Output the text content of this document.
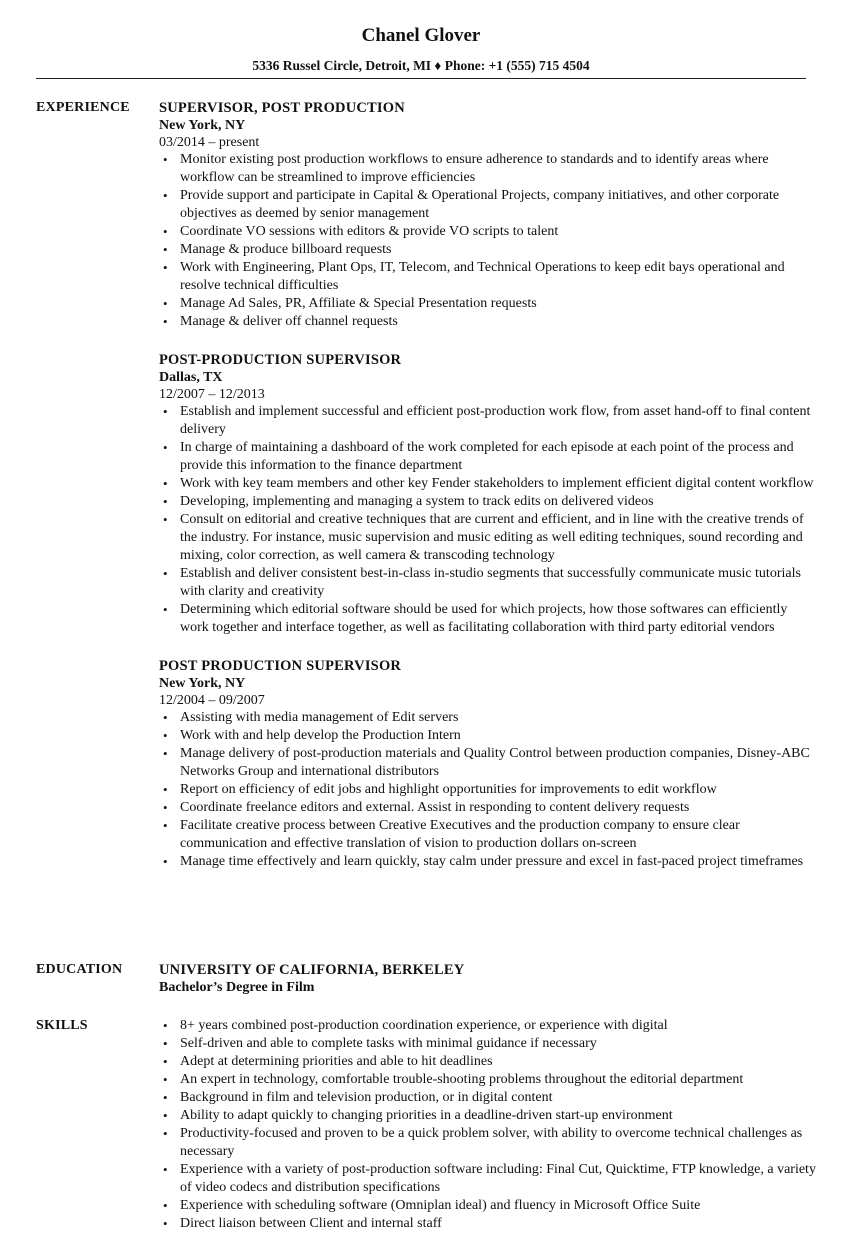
Chanel Glover
5336 Russel Circle, Detroit, MI ♦ Phone: +1 (555) 715 4504
EXPERIENCE SUPERVISOR, POST PRODUCTION
New York, NY
03/2014 – present
• Monitor existing post production workflows to ensure adherence to standards and to identify areas where workflow can be streamlined to improve efficiencies
• Provide support and participate in Capital & Operational Projects, company initiatives, and other corporate objectives as deemed by senior management
• Coordinate VO sessions with editors & provide VO scripts to talent
• Manage & produce billboard requests
• Work with Engineering, Plant Ops, IT, Telecom, and Technical Operations to keep edit bays operational and resolve technical difficulties
• Manage Ad Sales, PR, Affiliate & Special Presentation requests
• Manage & deliver off channel requests
POST-PRODUCTION SUPERVISOR
Dallas, TX
12/2007 – 12/2013
• Establish and implement successful and efficient post-production work flow, from asset hand-off to final content delivery
• In charge of maintaining a dashboard of the work completed for each episode at each point of the process and provide this information to the finance department
• Work with key team members and other key Fender stakeholders to implement efficient digital content workflow
• Developing, implementing and managing a system to track edits on delivered videos
• Consult on editorial and creative techniques that are current and efficient, and in line with the creative trends of the industry. For instance, music supervision and music editing as well editing techniques, sound recording and mixing, color correction, as well camera & transcoding technology
• Establish and deliver consistent best-in-class in-studio segments that successfully communicate music tutorials with clarity and creativity
• Determining which editorial software should be used for which projects, how those softwares can efficiently work together and interface together, as well as facilitating collaboration with third party editorial vendors
POST PRODUCTION SUPERVISOR
New York, NY
12/2004 – 09/2007
• Assisting with media management of Edit servers
• Work with and help develop the Production Intern
• Manage delivery of post-production materials and Quality Control between production companies, Disney-ABC Networks Group and international distributors
• Report on efficiency of edit jobs and highlight opportunities for improvements to edit workflow
• Coordinate freelance editors and external. Assist in responding to content delivery requests
• Facilitate creative process between Creative Executives and the production company to ensure clear communication and effective translation of vision to production dollars on-screen
• Manage time effectively and learn quickly, stay calm under pressure and excel in fast-paced project timeframes
EDUCATION	UNIVERSITY OF CALIFORNIA, BERKELEY
Bachelor’s Degree in Film
SKILLS
•	8+ years combined post-production coordination experience, or experience with digital
• Self-driven and able to complete tasks with minimal guidance if necessary
• Adept at determining priorities and able to hit deadlines
• An expert in technology, comfortable trouble-shooting problems throughout the editorial department
• Background in film and television production, or in digital content
• Ability to adapt quickly to changing priorities in a deadline-driven start-up environment
• Productivity-focused and proven to be a quick problem solver, with ability to overcome technical challenges as necessary
• Experience with a variety of post-production software including: Final Cut, Quicktime, FTP knowledge, a variety of video codecs and distribution specifications
• Experience with scheduling software (Omniplan ideal) and fluency in Microsoft Office Suite
• Direct liaison between Client and internal staff
